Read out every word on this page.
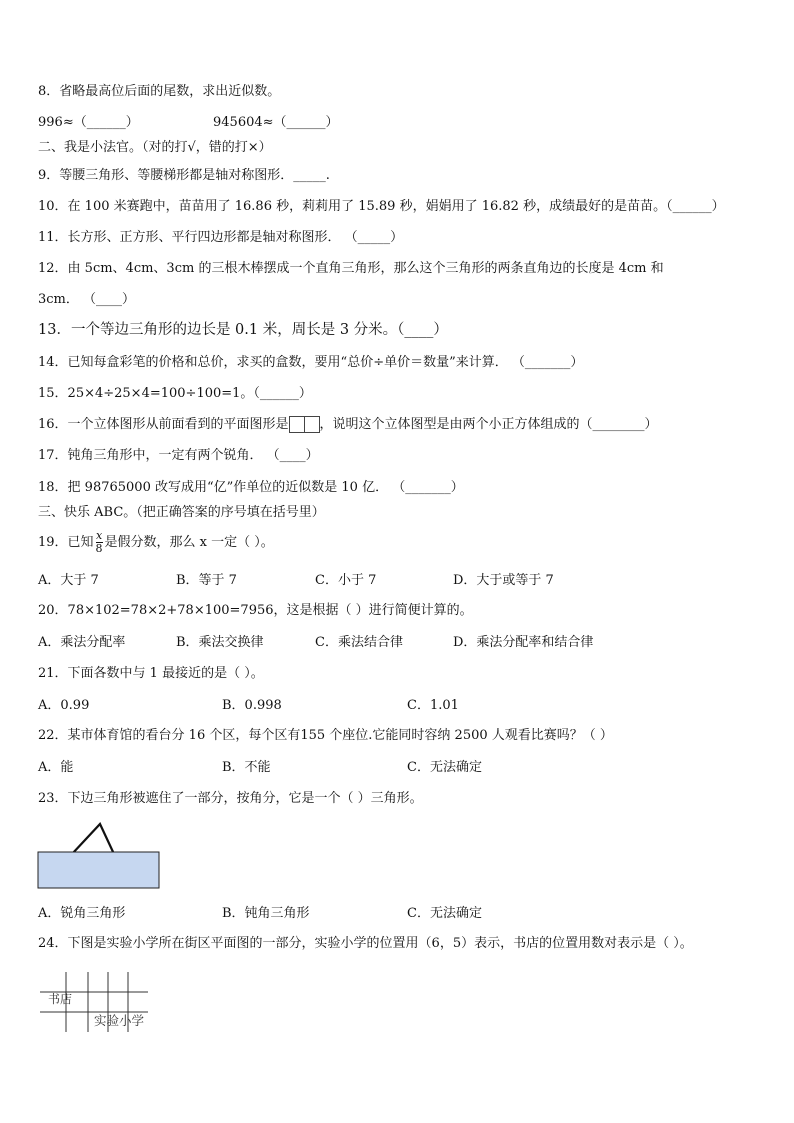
8．省略最高位后面的尾数，求出近似数。
996≈（______）	945604≈（______）
二、我是小法官。（对的打√，错的打×）
9．等腰三角形、等腰梯形都是轴对称图形．_____.
10．在 100 米赛跑中，苗苗用了 16.86 秒，莉莉用了 15.89 秒，娟娟用了 16.82 秒，成绩最好的是苗苗。（______）
11．长方形、正方形、平行四边形都是轴对称图形． （_____）
12．由 5cm、4cm、3cm 的三根木棒摆成一个直角三角形，那么这个三角形的两条直角边的长度是 4cm 和
3cm． （____）
13．一个等边三角形的边长是 0.1 米，周长是 3 分米。（____）
14．已知每盒彩笔的价格和总价，求买的盒数，要用“总价÷单价＝数量”来计算． （_______）
15．25×4÷25×4=100÷100=1。（______）
16．一个立体图形从前面看到的平面图形是 ，说明这个立体图型是由两个小正方体组成的（________）
17．钝角三角形中，一定有两个锐角． （____）
18．把 98765000 改写成用“亿”作单位的近似数是 10 亿． （_______）
三、快乐 ABC。（把正确答案的序号填在括号里）
19．已知 $\frac{x}{8}$ 是假分数，那么 x 一定（ ）。
A．大于 7	B．等于 7	C．小于 7	D．大于或等于 7
20．78×102=78×2+78×100=7956，这是根据（ ）进行简便计算的。
A．乘法分配率	B．乘法交换律	C．乘法结合律	D．乘法分配率和结合律
21．下面各数中与 1 最接近的是（ ）。
A．0.99	B．0.998	C．1.01
22．某市体育馆的看台分 16 个区，每个区有155 个座位.它能同时容纳 2500 人观看比赛吗？（ ）
A．能	B．不能	C．无法确定
23．下边三角形被遮住了一部分，按角分，它是一个（ ）三角形。
A．锐角三角形	B．钝角三角形	C．无法确定
24．下图是实验小学所在街区平面图的一部分，实验小学的位置用（6，5）表示，书店的位置用数对表示是（ ）。
书店
实验小学
